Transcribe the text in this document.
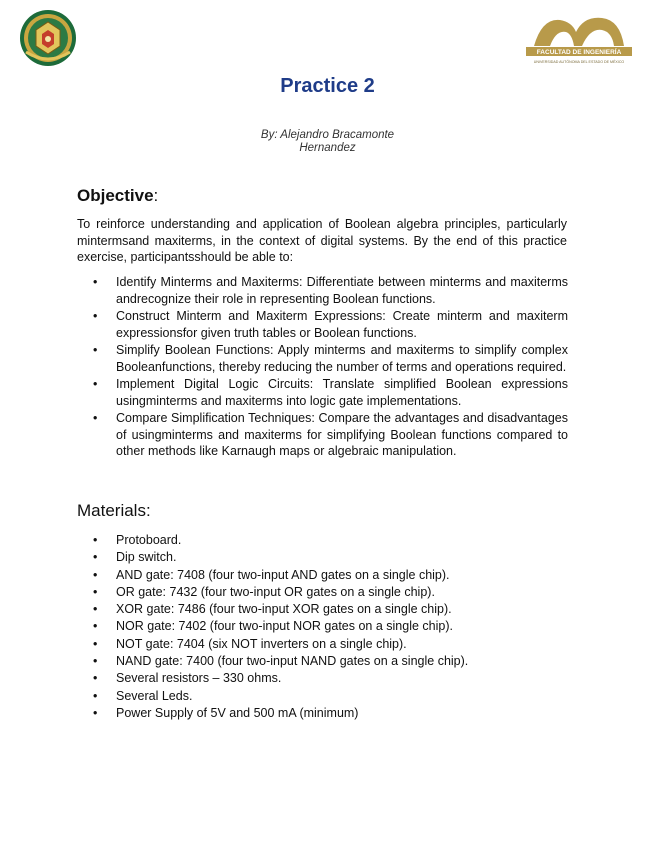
FACULTAD DE INGENIERÍA
UNIVERSIDAD AUTÓNOMA DEL ESTADO DE MÉXICO
Practice 2
By: Alejandro Bracamonte
Hernandez
Objective:
To reinforce understanding and application of Boolean algebra principles, particularly mintermsand maxiterms, in the context of digital systems. By the end of this practice exercise, participantsshould be able to:
• Identify Minterms and Maxiterms: Differentiate between minterms and maxiterms andrecognize their role in representing Boolean functions.
• Construct Minterm and Maxiterm Expressions: Create minterm and maxiterm expressionsfor given truth tables or Boolean functions.
• Simplify Boolean Functions: Apply minterms and maxiterms to simplify complex Booleanfunctions, thereby reducing the number of terms and operations required.
• Implement Digital Logic Circuits: Translate simplified Boolean expressions usingminterms and maxiterms into logic gate implementations.
• Compare Simplification Techniques: Compare the advantages and disadvantages of usingminterms and maxiterms for simplifying Boolean functions compared to other methods like Karnaugh maps or algebraic manipulation.
Materials:
• Protoboard.
• Dip switch.
• AND gate: 7408 (four two-input AND gates on a single chip).
• OR gate: 7432 (four two-input OR gates on a single chip).
• XOR gate: 7486 (four two-input XOR gates on a single chip).
• NOR gate: 7402 (four two-input NOR gates on a single chip).
• NOT gate: 7404 (six NOT inverters on a single chip).
• NAND gate: 7400 (four two-input NAND gates on a single chip).
• Several resistors – 330 ohms.
• Several Leds.
• Power Supply of 5V and 500 mA (minimum)
